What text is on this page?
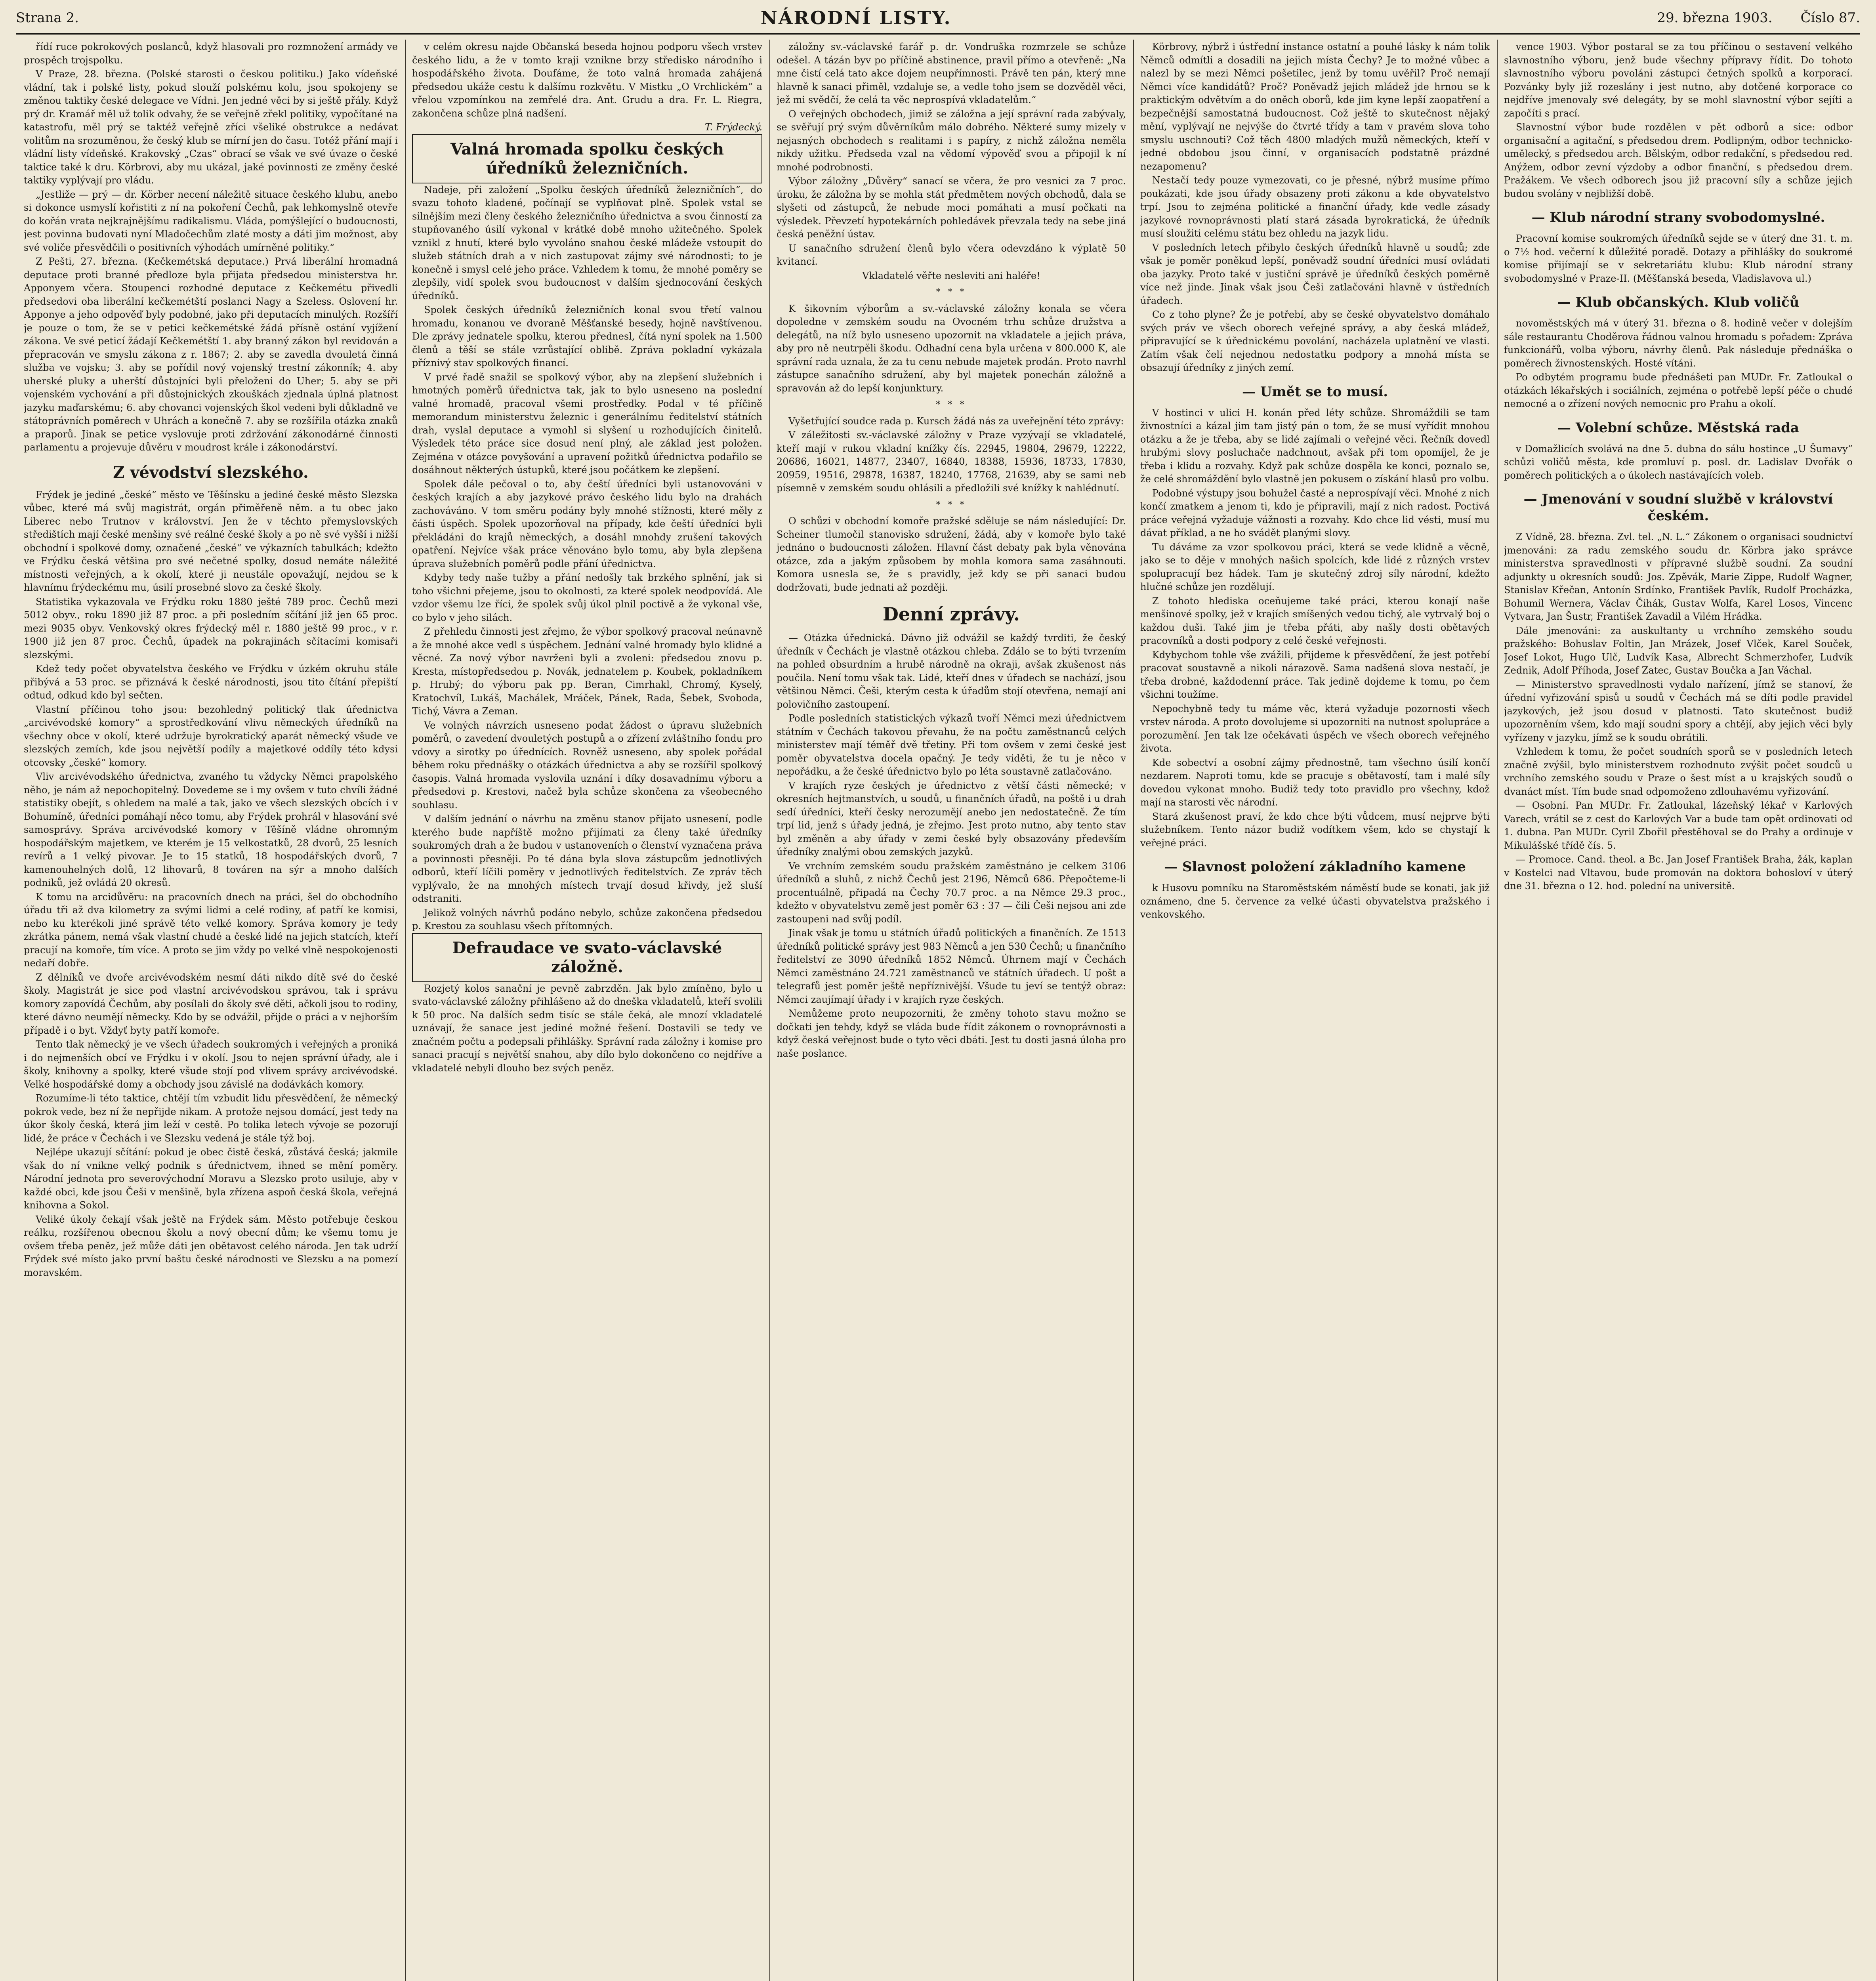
Strana 2.	NÁRODNÍ LISTY.	29. března 1903. Číslo 87.

řídí ruce pokrokových poslanců, když hlasovali pro rozmnožení armády ve prospěch trojspolku.

V Praze, 28. března. (Polské starosti o českou politiku.) Jako vídeňské vládní, tak i polské listy, pokud slouží polskému kolu, jsou spokojeny se změnou taktiky české delegace ve Vídni. Jen jedné věci by si ještě přály. Když prý dr. Kramář měl už tolik odvahy, že se veřejně zřekl politiky, vypočítané na katastrofu, měl prý se taktéž veřejně zříci všeliké obstrukce a nedávat volitům na srozuměnou, že český klub se mírní jen do času. Totéž přání mají i vládní listy vídeňské. Krakovský „Czas“ obrací se však ve své úvaze o české taktice také k dru. Körbrovi, aby mu ukázal, jaké povinnosti ze změny české taktiky vyplývají pro vládu.

„Jestliže — prý — dr. Körber necení náležitě situace českého klubu, anebo si dokonce usmyslí kořistiti z ní na pokoření Čechů, pak lehkomyslně otevře do kořán vrata nejkrajnějšímu radikalismu. Vláda, pomýšlející o budoucnosti, jest povinna budovati nyní Mladočechům zlaté mosty a dáti jim možnost, aby své voliče přesvědčili o positivních výhodách umírněné politiky.“

Z Pešti, 27. března. (Kečkemétská deputace.) Prvá liberální hromadná deputace proti branné předloze byla přijata předsedou ministerstva hr. Apponyem včera. Stoupenci rozhodné deputace z Kečkemétu přivedli předsedovi oba liberální kečkemétští poslanci Nagy a Szeless. Oslovení hr. Apponye a jeho odpověď byly podobné, jako při deputacích minulých. Rozšíří je pouze o tom, že se v petici kečkemétské žádá přísně ostání vyjížení zákona. Ve své peticí žádají Kečkemétští 1. aby branný zákon byl revidován a přepracován ve smyslu zákona z r. 1867; 2. aby se zavedla dvouletá činná služba ve vojsku; 3. aby se pořídil nový vojenský trestní zákonník; 4. aby uherské pluky a uherští důstojníci byli přeloženi do Uher; 5. aby se při vojenském vychování a při důstojnických zkouškách zjednala úplná platnost jazyku maďarskému; 6. aby chovanci vojenských škol vedeni byli důkladně ve státoprávních poměrech v Uhrách a konečně 7. aby se rozšířila otázka znaků a praporů. Jinak se petice vyslovuje proti zdržování zákonodárné činnosti parlamentu a projevuje důvěru v moudrost krále i zákonodárství.

Z vévodství slezského.

Frýdek je jediné „české“ město ve Těšínsku a jediné české město Slezska vůbec, které má svůj magistrát, orgán přiměřeně něm. a tu obec jako Liberec nebo Trutnov v království. Jen že v těchto přemyslovských středištích mají české menšiny své reálné české školy a po ně své vyšší i nižší obchodní i spolkové domy, označené „české“ ve výkazních tabulkách; kdežto ve Frýdku česká většina pro své nečetné spolky, dosud nemáte náležité místnosti veřejných, a k okolí, které ji neustále opovažují, nejdou se k hlavnímu frýdeckému mu, úsilí prosebné slovo za české školy.

Statistika vykazovala ve Frýdku roku 1880 ješté 789 proc. Čechů mezi 5012 obyv., roku 1890 již 87 proc. a při posledním sčítání již jen 65 proc. mezi 9035 obyv. Venkovský okres frýdecký měl r. 1880 ještě 99 proc., v r. 1900 již jen 87 proc. Čechů, úpadek na pokrajinách sčítacími komisaři slezskými.

Kdež tedy počet obyvatelstva českého ve Frýdku v úzkém okruhu stále přibývá a 53 proc. se přiznává k české národnosti, jsou tito čítání přepiští odtud, odkud kdo byl sečten.

Vlastní příčinou toho jsou: bezohledný politický tlak úřednictva „arcivévodské komory“ a sprostředkování vlivu německých úředníků na všechny obce v okolí, které udržuje byrokratický aparát německý všude ve slezských zemích, kde jsou největší podíly a majetkové oddíly této kdysi otcovsky „české“ komory.

Vliv arcivévodského úřednictva, zvaného tu vždycky Němci prapolského něho, je nám až nepochopitelný. Dovedeme se i my ovšem v tuto chvíli žádné statistiky obejít, s ohledem na malé a tak, jako ve všech slezských obcích i v Bohumíně, úředníci pomáhají něco tomu, aby Frýdek prohrál v hlasování své samosprávy. Správa arcivévodské komory v Těšíně vládne ohromným hospodářským majetkem, ve kterém je 15 velkostatků, 28 dvorů, 25 lesních revírů a 1 velký pivovar. Je to 15 statků, 18 hospodářských dvorů, 7 kamenouhelných dolů, 12 lihovarů, 8 továren na sýr a mnoho dalších podniků, jež ovládá 20 okresů.

K tomu na arcidůvěru: na pracovních dnech na práci, šel do obchodního úřadu tři až dva kilometry za svými lidmi a celé rodiny, ať patří ke komisi, nebo ku kterékoli jiné správě této velké komory. Správa komory je tedy zkrátka pánem, nemá však vlastní chudé a české lidé na jejich statcích, kteří pracují na komoře, tím více. A proto se jim vždy po velké vlně nespokojenosti nedaří dobře.

Z dělníků ve dvoře arcivévodském nesmí dáti nikdo dítě své do české školy. Magistrát je sice pod vlastní arcivévodskou správou, tak i správu komory zapovídá Čechům, aby posílali do školy své děti, ačkoli jsou to rodiny, které dávno neumějí německy. Kdo by se odvážil, přijde o práci a v nejhorším případě i o byt. Vždyť byty patří komoře.

Tento tlak německý je ve všech úřadech soukromých i veřejných a proniká i do nejmenších obcí ve Frýdku i v okolí. Jsou to nejen správní úřady, ale i školy, knihovny a spolky, které všude stojí pod vlivem správy arcivévodské. Velké hospodářské domy a obchody jsou závislé na dodávkách komory.

Rozumíme-li této taktice, chtějí tím vzbudit lidu přesvědčení, že německý pokrok vede, bez ní že nepřijde nikam. A protože nejsou domácí, jest tedy na úkor školy česká, která jim leží v cestě. Po tolika letech vývoje se pozorují lidé, že práce v Čechách i ve Slezsku vedená je stále týž boj.

Nejlépe ukazují sčítání: pokud je obec čistě česká, zůstává česká; jakmile však do ní vnikne velký podnik s úřednictvem, ihned se mění poměry. Národní jednota pro severovýchodní Moravu a Slezsko proto usiluje, aby v každé obci, kde jsou Češi v menšině, byla zřízena aspoň česká škola, veřejná knihovna a Sokol.

Veliké úkoly čekají však ještě na Frýdek sám. Město potřebuje českou reálku, rozšířenou obecnou školu a nový obecní dům; ke všemu tomu je ovšem třeba peněz, jež může dáti jen obětavost celého národa. Jen tak udrží Frýdek své místo jako první baštu české národnosti ve Slezsku a na pomezí moravském.

v celém okresu najde Občanská beseda hojnou podporu všech vrstev českého lidu, a že v tomto kraji vznikne brzy středisko národního i hospodářského života. Doufáme, že toto valná hromada zahájená předsedou ukáže cestu k dalšímu rozkvětu. V Mistku „O Vrchlickém“ a vřelou vzpomínkou na zemřelé dra. Ant. Grudu a dra. Fr. L. Riegra, zakončena schůze plná nadšení.

T. Frýdecký.
Valná hromada spolku českých úředníků železničních.

Nadeje, při založení „Spolku českých úředníků železničních“, do svazu tohoto kladené, počínají se vyplňovat plně. Spolek vstal se silnějším mezi členy českého železničního úřednictva a svou činností za stupňovaného úsilí vykonal v krátké době mnoho užitečného. Spolek vznikl z hnutí, které bylo vyvoláno snahou české mládeže vstoupit do služeb státních drah a v nich zastupovat zájmy své národnosti; to je konečně i smysl celé jeho práce. Vzhledem k tomu, že mnohé poměry se zlepšily, vidí spolek svou budoucnost v dalším sjednocování českých úředníků.

Spolek českých úředníků železničních konal svou třetí valnou hromadu, konanou ve dvoraně Měšťanské besedy, hojně navštívenou. Dle zprávy jednatele spolku, kterou přednesl, čítá nyní spolek na 1.500 členů a těší se stále vzrůstající oblibě. Zpráva pokladní vykázala příznivý stav spolkových financí.

V prvé řadě snažil se spolkový výbor, aby na zlepšení služebních i hmotných poměrů úřednictva tak, jak to bylo usneseno na poslední valné hromadě, pracoval všemi prostředky. Podal v té příčině memorandum ministerstvu železnic i generálnímu ředitelství státních drah, vyslal deputace a vymohl si slyšení u rozhodujících činitelů. Výsledek této práce sice dosud není plný, ale základ jest položen. Zejména v otázce povyšování a upravení požitků úřednictva podařilo se dosáhnout některých ústupků, které jsou počátkem ke zlepšení.

Spolek dále pečoval o to, aby čeští úředníci byli ustanovováni v českých krajích a aby jazykové právo českého lidu bylo na drahách zachováváno. V tom směru podány byly mnohé stížnosti, které měly z části úspěch. Spolek upozorňoval na případy, kde čeští úředníci byli překládáni do krajů německých, a dosáhl mnohdy zrušení takových opatření. Nejvíce však práce věnováno bylo tomu, aby byla zlepšena úprava služebních poměrů podle přání úřednictva.

Kdyby tedy naše tužby a přání nedošly tak brzkého splnění, jak si toho všichni přejeme, jsou to okolnosti, za které spolek neodpovídá. Ale vzdor všemu lze říci, že spolek svůj úkol plnil poctivě a že vykonal vše, co bylo v jeho silách.

Z přehledu činnosti jest zřejmo, že výbor spolkový pracoval neúnavně a že mnohé akce vedl s úspěchem. Jednání valné hromady bylo klidné a věcné. Za nový výbor navrženi byli a zvoleni: předsedou znovu p. Kresta, místopředsedou p. Novák, jednatelem p. Koubek, pokladníkem p. Hrubý; do výboru pak pp. Beran, Cimrhakl, Chromý, Kyselý, Kratochvíl, Lukáš, Machálek, Mráček, Pánek, Rada, Šebek, Svoboda, Tichý, Vávra a Zeman.

Ve volných návrzích usneseno podat žádost o úpravu služebních poměrů, o zavedení dvouletých postupů a o zřízení zvláštního fondu pro vdovy a sirotky po úřednících. Rovněž usneseno, aby spolek pořádal během roku přednášky o otázkách úřednictva a aby se rozšířil spolkový časopis. Valná hromada vyslovila uznání i díky dosavadnímu výboru a předsedovi p. Krestovi, načež byla schůze skončena za všeobecného souhlasu.

V dalším jednání o návrhu na změnu stanov přijato usnesení, podle kterého bude napříště možno přijímati za členy také úředníky soukromých drah a že budou v ustanoveních o členství vyznačena práva a povinnosti přesněji. Po té dána byla slova zástupcům jednotlivých odborů, kteří líčili poměry v jednotlivých ředitelstvích. Ze zpráv těch vyplývalo, že na mnohých místech trvají dosud křivdy, jež sluší odstraniti.

Jelikož volných návrhů podáno nebylo, schůze zakončena předsedou p. Krestou za souhlasu všech přítomných.

Defraudace ve svato-václavské záložně.

Rozjetý kolos sanační je pevně zabrzděn. Jak bylo zmíněno, bylo u svato-václavské záložny přihlášeno až do dneška vkladatelů, kteří svolili k 50 proc. Na dalších sedm tisíc se stále čeká, ale mnozí vkladatelé uznávají, že sanace jest jediné možné řešení. Dostavili se tedy ve značném počtu a podepsali přihlášky. Správní rada záložny i komise pro sanaci pracují s největší snahou, aby dílo bylo dokončeno co nejdříve a vkladatelé nebyli dlouho bez svých peněz.

záložny sv.-václavské farář p. dr. Vondruška rozmrzele se schůze odešel. A tázán byv po příčině abstinence, pravil přímo a otevřeně: „Na mne čistí celá tato akce dojem neupřímnosti. Právě ten pán, který mne hlavně k sanaci přiměl, vzdaluje se, a vedle toho jsem se dozvěděl věci, jež mi svědčí, že celá ta věc neprospívá vkladatelům.“

O veřejných obchodech, jimiž se záložna a její správní rada zabývaly, se svěřují prý svým důvěrníkům málo dobrého. Některé sumy mizely v nejasných obchodech s realitami i s papíry, z nichž záložna neměla nikdy užitku. Předseda vzal na vědomí výpověď svou a připojil k ní mnohé podrobnosti.

Výbor záložny „Důvěry“ sanací se včera, že pro vesnici za 7 proc. úroku, že záložna by se mohla stát předmětem nových obchodů, dala se slyšeti od zástupců, že nebude moci pomáhati a musí počkati na výsledek. Převzetí hypotekárních pohledávek převzala tedy na sebe jiná česká peněžní ústav.

U sanačního sdružení členů bylo včera odevzdáno k výplatě 50 kvitancí.

Vkladatelé věřte nesleviti ani haléře!

* * *

K šikovním výborům a sv.-václavské záložny konala se včera dopoledne v zemském soudu na Ovocném trhu schůze družstva a delegátů, na níž bylo usneseno upozornit na vkladatele a jejich práva, aby pro ně neutrpěli škodu. Odhadní cena byla určena v 800.000 K, ale správní rada uznala, že za tu cenu nebude majetek prodán. Proto navrhl zástupce sanačního sdružení, aby byl majetek ponechán záložně a spravován až do lepší konjunktury.

* * *

Vyšetřující soudce rada p. Kursch žádá nás za uveřejnění této zprávy:

V záležitosti sv.-václavské záložny v Praze vyzývají se vkladatelé, kteří mají v rukou vkladní knížky čís. 22945, 19804, 29679, 12222, 20686, 16021, 14877, 23407, 16840, 18388, 15936, 18733, 17830, 20959, 19516, 29878, 16387, 18240, 17768, 21639, aby se sami neb písemně v zemském soudu ohlásili a předložili své knížky k nahlédnutí.

* * *

O schůzi v obchodní komoře pražské sděluje se nám následující: Dr. Scheiner tlumočil stanovisko sdružení, žádá, aby v komoře bylo také jednáno o budoucnosti záložen. Hlavní část debaty pak byla věnována otázce, zda a jakým způsobem by mohla komora sama zasáhnouti. Komora usnesla se, že s pravidly, jež kdy se při sanaci budou dodržovati, bude jednati až později.

Denní zprávy.

— Otázka úřednická. Dávno již odvážil se každý tvrditi, že český úředník v Čechách je vlastně otázkou chleba. Zdálo se to býti tvrzením na pohled obsurdním a hrubě národně na okraji, avšak zkušenost nás poučila. Není tomu však tak. Lidé, kteří dnes v úřadech se nachází, jsou většinou Němci. Češi, kterým cesta k úřadům stojí otevřena, nemají ani polovičního zastoupení.

Podle posledních statistických výkazů tvoří Němci mezi úřednictvem státním v Čechách takovou převahu, že na počtu zaměstnanců celých ministerstev mají téměř dvě třetiny. Při tom ovšem v zemi české jest poměr obyvatelstva docela opačný. Je tedy viděti, že tu je něco v nepořádku, a že české úřednictvo bylo po léta soustavně zatlačováno.

V krajích ryze českých je úřednictvo z větší části německé; v okresních hejtmanstvích, u soudů, u finančních úřadů, na poště i u drah sedí úředníci, kteří česky nerozumějí anebo jen nedostatečně. Že tím trpí lid, jenž s úřady jedná, je zřejmo. Jest proto nutno, aby tento stav byl změněn a aby úřady v zemi české byly obsazovány především úředníky znalými obou zemských jazyků.

Ve vrchním zemském soudu pražském zaměstnáno je celkem 3106 úředníků a sluhů, z nichž Čechů jest 2196, Němců 686. Přepočteme-li procentuálně, připadá na Čechy 70.7 proc. a na Němce 29.3 proc., kdežto v obyvatelstvu země jest poměr 63 : 37 — čili Češi nejsou ani zde zastoupeni nad svůj podíl.

Jinak však je tomu u státních úřadů politických a finančních. Ze 1513 úředníků politické správy jest 983 Němců a jen 530 Čechů; u finančního ředitelství ze 3090 úředníků 1852 Němců. Úhrnem mají v Čechách Němci zaměstnáno 24.721 zaměstnanců ve státních úřadech. U pošt a telegrafů jest poměr ještě nepříznivější. Všude tu jeví se tentýž obraz: Němci zaujímají úřady i v krajích ryze českých.

Nemůžeme proto neupozorniti, že změny tohoto stavu možno se dočkati jen tehdy, když se vláda bude řídit zákonem o rovnoprávnosti a když česká veřejnost bude o tyto věci dbáti. Jest tu dosti jasná úloha pro naše poslance.

Körbrovy, nýbrž i ústřední instance ostatní a pouhé lásky k nám tolik Němců odmítli a dosadili na jejich místa Čechy? Je to možné vůbec a nalezl by se mezi Němci pošetilec, jenž by tomu uvěřil? Proč nemají Němci více kandidátů? Proč? Poněvadž jejich mládež jde hrnou se k praktickým odvětvím a do oněch oborů, kde jim kyne lepší zaopatření a bezpečnější samostatná budoucnost. Což ještě to skutečnost nějaký mění, vyplývají ne nejvýše do čtvrté třídy a tam v pravém slova toho smyslu uschnouti? Což těch 4800 mladých mužů německých, kteří v jedné obdobou jsou činní, v organisacích podstatně prázdné nezapomenu?

Nestačí tedy pouze vymezovati, co je přesné, nýbrž musíme přímo poukázati, kde jsou úřady obsazeny proti zákonu a kde obyvatelstvo trpí. Jsou to zejména politické a finanční úřady, kde vedle zásady jazykové rovnoprávnosti platí stará zásada byrokratická, že úředník musí sloužiti celému státu bez ohledu na jazyk lidu.

V posledních letech přibylo českých úředníků hlavně u soudů; zde však je poměr poněkud lepší, poněvadž soudní úředníci musí ovládati oba jazyky. Proto také v justiční správě je úředníků českých poměrně více než jinde. Jinak však jsou Češi zatlačováni hlavně v ústředních úřadech.

Co z toho plyne? Že je potřebí, aby se české obyvatelstvo domáhalo svých práv ve všech oborech veřejné správy, a aby česká mládež, připravující se k úřednickému povolání, nacházela uplatnění ve vlasti. Zatím však čelí nejednou nedostatku podpory a mnohá místa se obsazují úředníky z jiných zemí.

— Umět se to musí.

V hostinci v ulici H. konán před léty schůze. Shromáždili se tam živnostníci a kázal jim tam jistý pán o tom, že se musí vyřídit mnohou otázku a že je třeba, aby se lidé zajímali o veřejné věci. Řečník dovedl hrubými slovy posluchače nadchnout, avšak při tom opomíjel, že je třeba i klidu a rozvahy. Když pak schůze dospěla ke konci, poznalo se, že celé shromáždění bylo vlastně jen pokusem o získání hlasů pro volbu.

Podobné výstupy jsou bohužel časté a neprospívají věci. Mnohé z nich končí zmatkem a jenom ti, kdo je připravili, mají z nich radost. Poctivá práce veřejná vyžaduje vážnosti a rozvahy. Kdo chce lid vésti, musí mu dávat příklad, a ne ho svádět planými slovy.

Tu dáváme za vzor spolkovou práci, která se vede klidně a věcně, jako se to děje v mnohých našich spolcích, kde lidé z různých vrstev spolupracují bez hádek. Tam je skutečný zdroj síly národní, kdežto hlučné schůze jen rozdělují.

Z tohoto hlediska oceňujeme také práci, kterou konají naše menšinové spolky, jež v krajích smíšených vedou tichý, ale vytrvalý boj o každou duši. Také jim je třeba přáti, aby našly dosti obětavých pracovníků a dosti podpory z celé české veřejnosti.

Kdybychom tohle vše zvážili, přijdeme k přesvědčení, že jest potřebí pracovat soustavně a nikoli nárazově. Sama nadšená slova nestačí, je třeba drobné, každodenní práce. Tak jedině dojdeme k tomu, po čem všichni toužíme.

Nepochybně tedy tu máme věc, která vyžaduje pozornosti všech vrstev národa. A proto dovolujeme si upozorniti na nutnost spolupráce a porozumění. Jen tak lze očekávati úspěch ve všech oborech veřejného života.

Kde sobectví a osobní zájmy přednostně, tam všechno úsilí končí nezdarem. Naproti tomu, kde se pracuje s obětavostí, tam i malé síly dovedou vykonat mnoho. Budiž tedy toto pravidlo pro všechny, kdož mají na starosti věc národní.

Stará zkušenost praví, že kdo chce býti vůdcem, musí nejprve býti služebníkem. Tento názor budiž vodítkem všem, kdo se chystají k veřejné práci.

— Slavnost položení základního kamene

k Husovu pomníku na Staroměstském náměstí bude se konati, jak již oznámeno, dne 5. července za velké účasti obyvatelstva pražského i venkovského.

vence 1903. Výbor postaral se za tou příčinou o sestavení velkého slavnostního výboru, jenž bude všechny přípravy řídit. Do tohoto slavnostního výboru povoláni zástupci četných spolků a korporací. Pozvánky byly již rozeslány i jest nutno, aby dotčené korporace co nejdříve jmenovaly své delegáty, by se mohl slavnostní výbor sejíti a započíti s prací.

Slavnostní výbor bude rozdělen v pět odborů a sice: odbor organisační a agitační, s předsedou drem. Podlipným, odbor technicko-umělecký, s předsedou arch. Bělským, odbor redakční, s předsedou red. Anýžem, odbor zevní výzdoby a odbor finanční, s předsedou drem. Pražákem. Ve všech odborech jsou již pracovní síly a schůze jejich budou svolány v nejbližší době.

— Klub národní strany svobodomyslné.

Pracovní komise soukromých úředníků sejde se v úterý dne 31. t. m. o 7½ hod. večerní k důležité poradě. Dotazy a přihlášky do soukromé komise přijímají se v sekretariátu klubu: Klub národní strany svobodomyslné v Praze-II. (Měšťanská beseda, Vladislavova ul.)

— Klub občanských. Klub voličů

novoměstských má v úterý 31. března o 8. hodině večer v dolejším sále restaurantu Choděrova řádnou valnou hromadu s pořadem: Zpráva funkcionářů, volba výboru, návrhy členů. Pak následuje přednáška o poměrech živnostenských. Hosté vítáni.

Po odbytém programu bude přednášeti pan MUDr. Fr. Zatloukal o otázkách lékařských i sociálních, zejména o potřebě lepší péče o chudé nemocné a o zřízení nových nemocnic pro Prahu a okolí.

— Volební schůze. Městská rada

v Domažlicích svolává na dne 5. dubna do sálu hostince „U Šumavy“ schůzi voličů města, kde promluví p. posl. dr. Ladislav Dvořák o poměrech politických a o úkolech nastávajících voleb.

— Jmenování v soudní službě v království českém.

Z Vídně, 28. března. Zvl. tel. „N. L.“ Zákonem o organisaci soudnictví jmenováni: za radu zemského soudu dr. Körbra jako správce ministerstva spravedlnosti v přípravné službě soudní. Za soudní adjunkty u okresních soudů: Jos. Zpěvák, Marie Zippe, Rudolf Wagner, Stanislav Křečan, Antonín Srdínko, František Pavlík, Rudolf Procházka, Bohumil Wernera, Václav Čihák, Gustav Wolfa, Karel Losos, Vincenc Vytvara, Jan Šustr, František Zavadil a Vilém Hrádka.

Dále jmenováni: za auskultanty u vrchního zemského soudu pražského: Bohuslav Foltin, Jan Mrázek, Josef Vlček, Karel Souček, Josef Lokot, Hugo Ulč, Ludvík Kasa, Albrecht Schmerzhofer, Ludvík Zednik, Adolf Příhoda, Josef Zatec, Gustav Boučka a Jan Váchal.

— Ministerstvo spravedlnosti vydalo nařízení, jímž se stanoví, že úřední vyřizování spisů u soudů v Čechách má se díti podle pravidel jazykových, jež jsou dosud v platnosti. Tato skutečnost budiž upozorněním všem, kdo mají soudní spory a chtějí, aby jejich věci byly vyřízeny v jazyku, jímž se k soudu obrátili.

Vzhledem k tomu, že počet soudních sporů se v posledních letech značně zvýšil, bylo ministerstvem rozhodnuto zvýšit počet soudců u vrchního zemského soudu v Praze o šest míst a u krajských soudů o dvanáct míst. Tím bude snad odpomoženo zdlouhavému vyřizování.

— Osobní. Pan MUDr. Fr. Zatloukal, lázeňský lékař v Karlových Varech, vrátil se z cest do Karlových Var a bude tam opět ordinovati od 1. dubna. Pan MUDr. Cyril Zbořil přestěhoval se do Prahy a ordinuje v Mikulášské třídě čís. 5.

— Promoce. Cand. theol. a Bc. Jan Josef František Braha, žák, kaplan v Kostelci nad Vltavou, bude promován na doktora bohosloví v úterý dne 31. března o 12. hod. polední na universitě.
